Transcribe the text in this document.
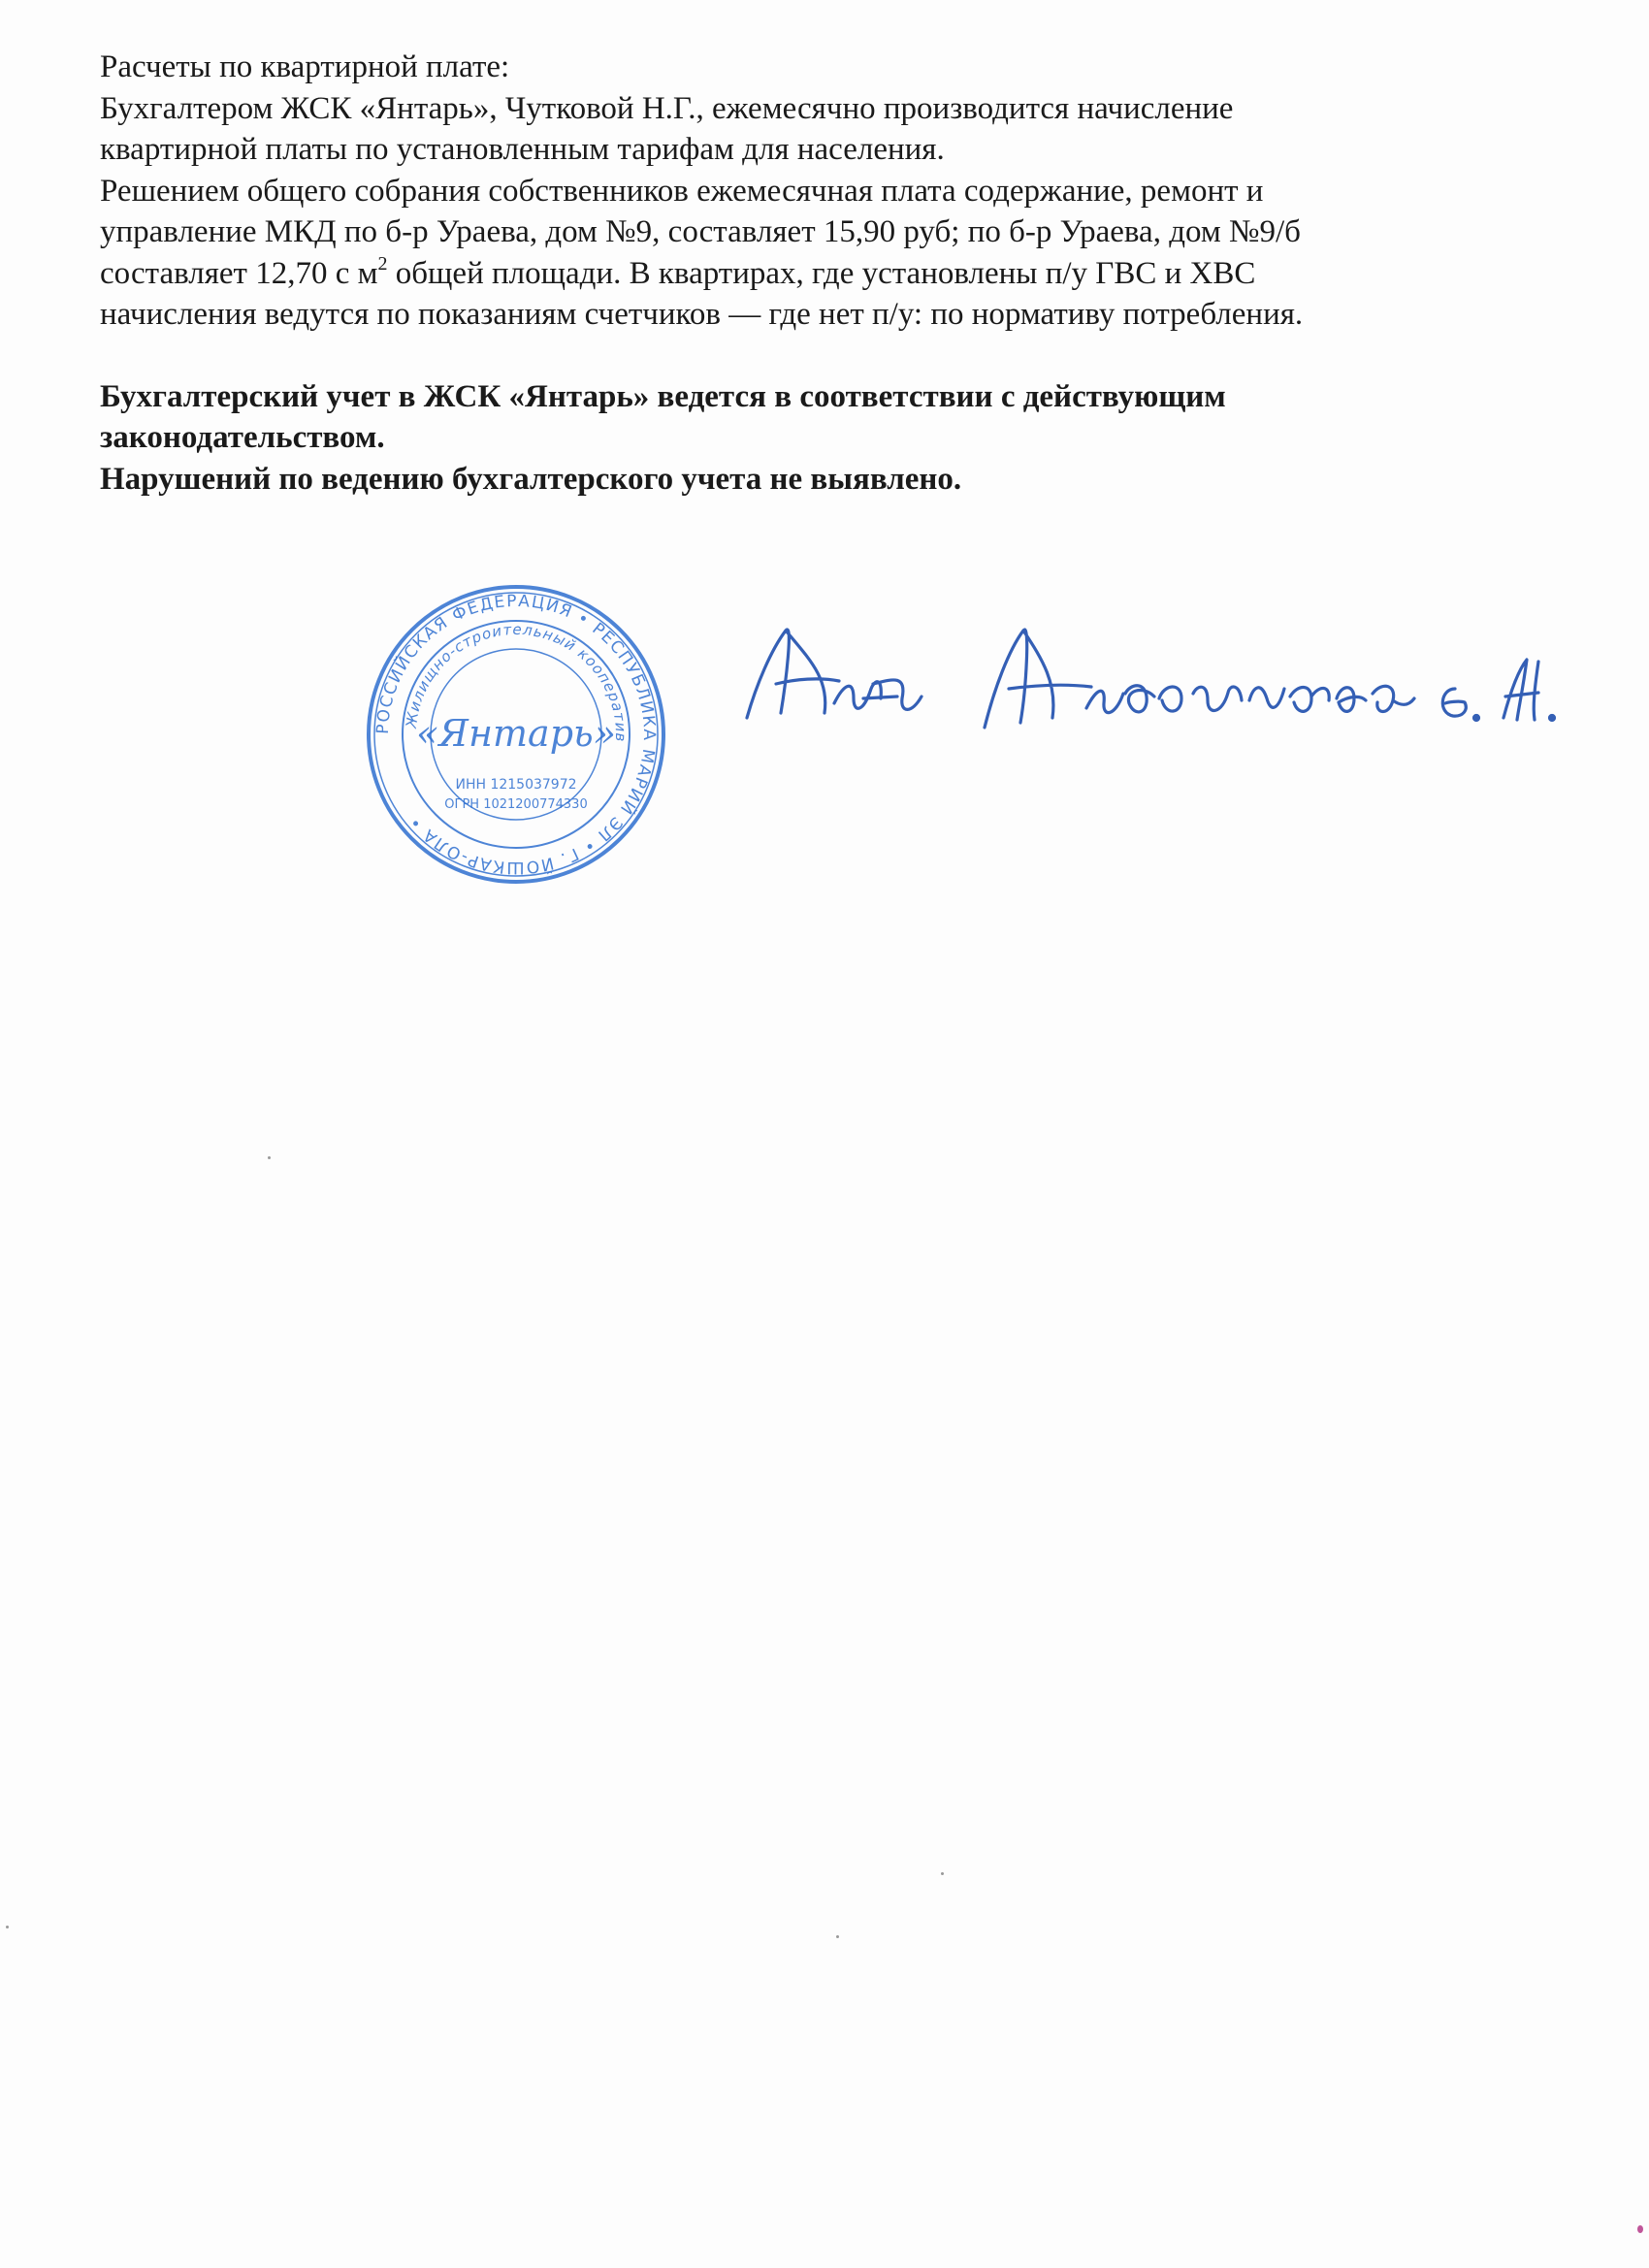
Расчеты по квартирной плате:

Бухгалтером ЖСК «Янтарь», Чутковой Н.Г., ежемесячно производится начисление

квартирной платы по установленным тарифам для населения.

Решением общего собрания собственников ежемесячная плата содержание, ремонт и

управление МКД по б-р Ураева, дом №9, составляет 15,90 руб; по б-р Ураева, дом №9/б

составляет 12,70 с $м^2$ общей площади. В квартирах, где установлены п/у ГВС и ХВС

начисления ведутся по показаниям счетчиков — где нет п/у: по нормативу потребления.

Бухгалтерский учет в ЖСК «Янтарь» ведется в соответствии с действующим

законодательством.

Нарушений по ведению бухгалтерского учета не выявлено.

РОССИЙСКАЯ ФЕДЕРАЦИЯ • РЕСПУБЛИКА МАРИЙ ЭЛ • Г. ЙОШКАР-ОЛА •
Жилищно-строительный кооператив
«Янтарь»
ИНН 1215037972
ОГРН 1021200774330
